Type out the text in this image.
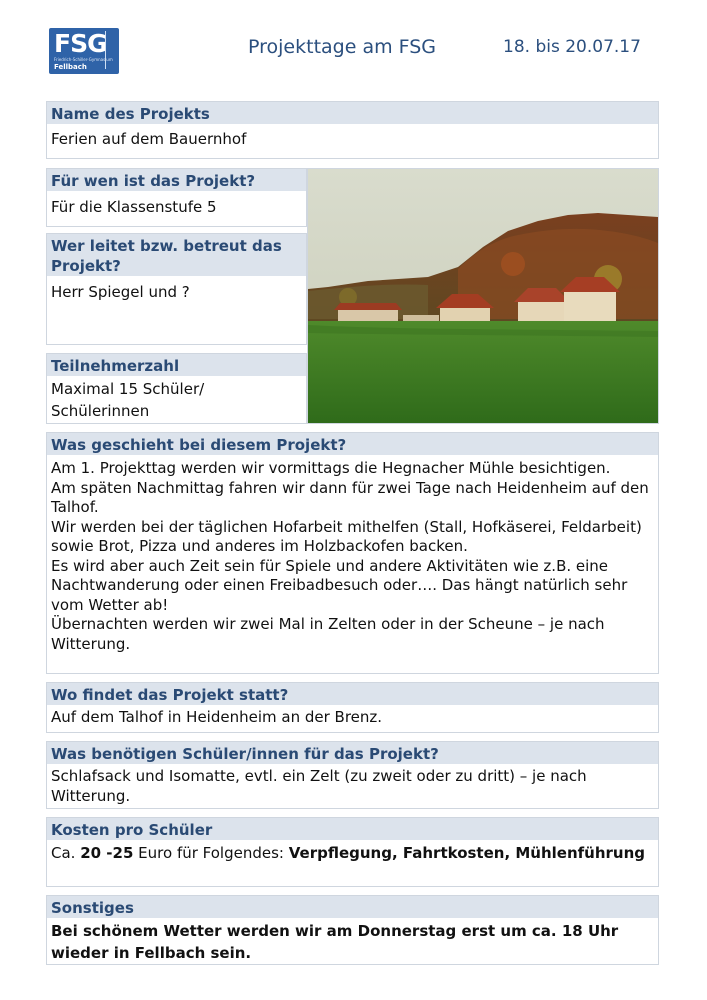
FSG
Friedrich-Schiller-Gymnasium
Fellbach
Projekttage am FSG	18. bis 20.07.17
Name des Projekts
Ferien auf dem Bauernhof
Für wen ist das Projekt?
Für die Klassenstufe 5
Wer leitet bzw. betreut das Projekt?
Herr Spiegel und ?
Teilnehmerzahl
Maximal 15 Schüler/ Schülerinnen
Was geschieht bei diesem Projekt?
Am 1. Projekttag werden wir vormittags die Hegnacher Mühle besichtigen.
Am späten Nachmittag fahren wir dann für zwei Tage nach Heidenheim auf den Talhof.
Wir werden bei der täglichen Hofarbeit mithelfen (Stall, Hofkäserei, Feldarbeit) sowie Brot, Pizza und anderes im Holzbackofen backen.
Es wird aber auch Zeit sein für Spiele und andere Aktivitäten wie z.B. eine Nachtwanderung oder einen Freibadbesuch oder…. Das hängt natürlich sehr vom Wetter ab!
Übernachten werden wir zwei Mal in Zelten oder in der Scheune – je nach Witterung.
Wo findet das Projekt statt?
Auf dem Talhof in Heidenheim an der Brenz.
Was benötigen Schüler/innen für das Projekt?
Schlafsack und Isomatte, evtl. ein Zelt (zu zweit oder zu dritt) – je nach Witterung.
Kosten pro Schüler
Ca. 20 -25 Euro für Folgendes: Verpflegung, Fahrtkosten, Mühlenführung
Sonstiges
Bei schönem Wetter werden wir am Donnerstag erst um ca. 18 Uhr wieder in Fellbach sein.
